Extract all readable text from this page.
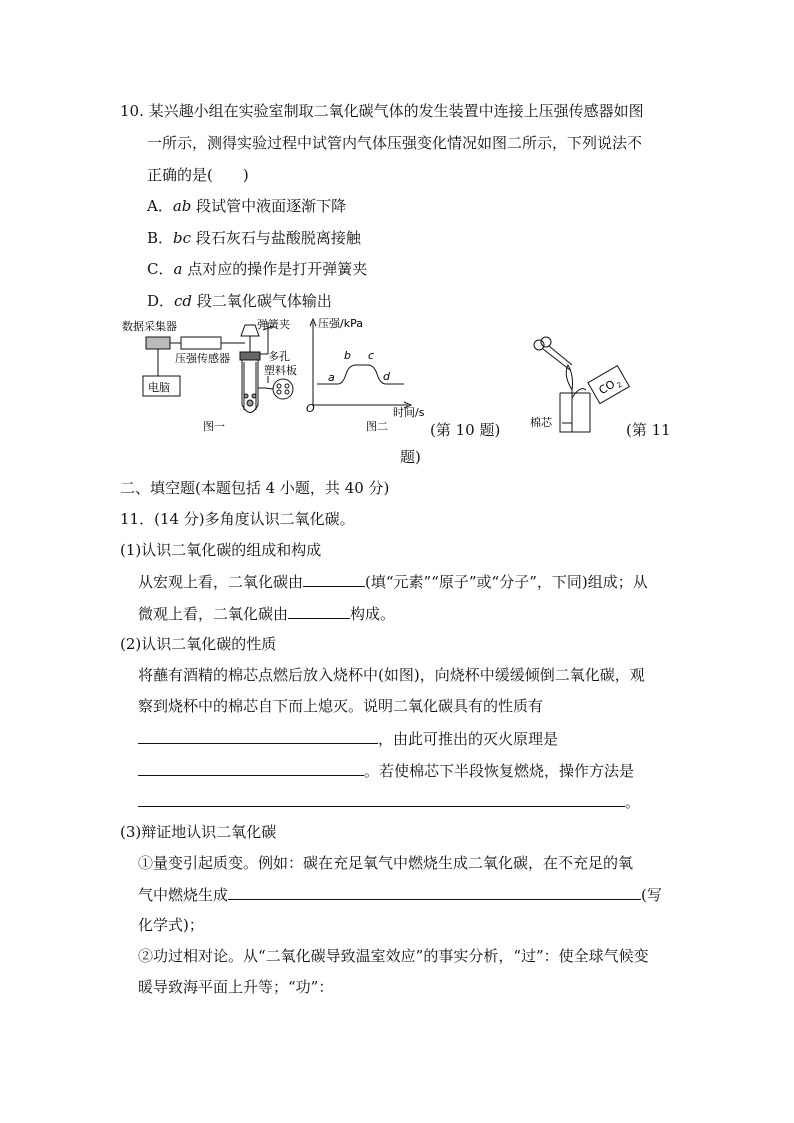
10. 某兴趣小组在实验室制取二氧化碳气体的发生装置中连接上压强传感器如图
一所示，测得实验过程中试管内气体压强变化情况如图二所示，下列说法不
正确的是(　　)
A．ab 段试管中液面逐渐下降
B．bc 段石灰石与盐酸脱离接触
C．a 点对应的操作是打开弹簧夹
D．cd 段二氧化碳气体输出
数据采集器
压强传感器
电脑
弹簧夹
多孔
塑料板
图一
压强/kPa
时间/s
O
a
b c
d
图二	棉芯
CO
2
(第 10 题)	(第 11
题)
二、填空题(本题包括 4 小题，共 40 分)
11．(14 分)多角度认识二氧化碳。
(1)认识二氧化碳的组成和构成
从宏观上看，二氧化碳由	(填“元素”“原子”或“分子”，下同)组成；从
微观上看，二氧化碳由	构成。
(2)认识二氧化碳的性质
将蘸有酒精的棉芯点燃后放入烧杯中(如图)，向烧杯中缓缓倾倒二氧化碳，观
察到烧杯中的棉芯自下而上熄灭。说明二氧化碳具有的性质有
，由此可推出的灭火原理是
。若使棉芯下半段恢复燃烧，操作方法是
。
(3)辩证地认识二氧化碳
①量变引起质变。例如：碳在充足氧气中燃烧生成二氧化碳，在不充足的氧
气中燃烧生成	(写
化学式)；
②功过相对论。从“二氧化碳导致温室效应”的事实分析，“过”：使全球气候变
暖导致海平面上升等；“功”：
